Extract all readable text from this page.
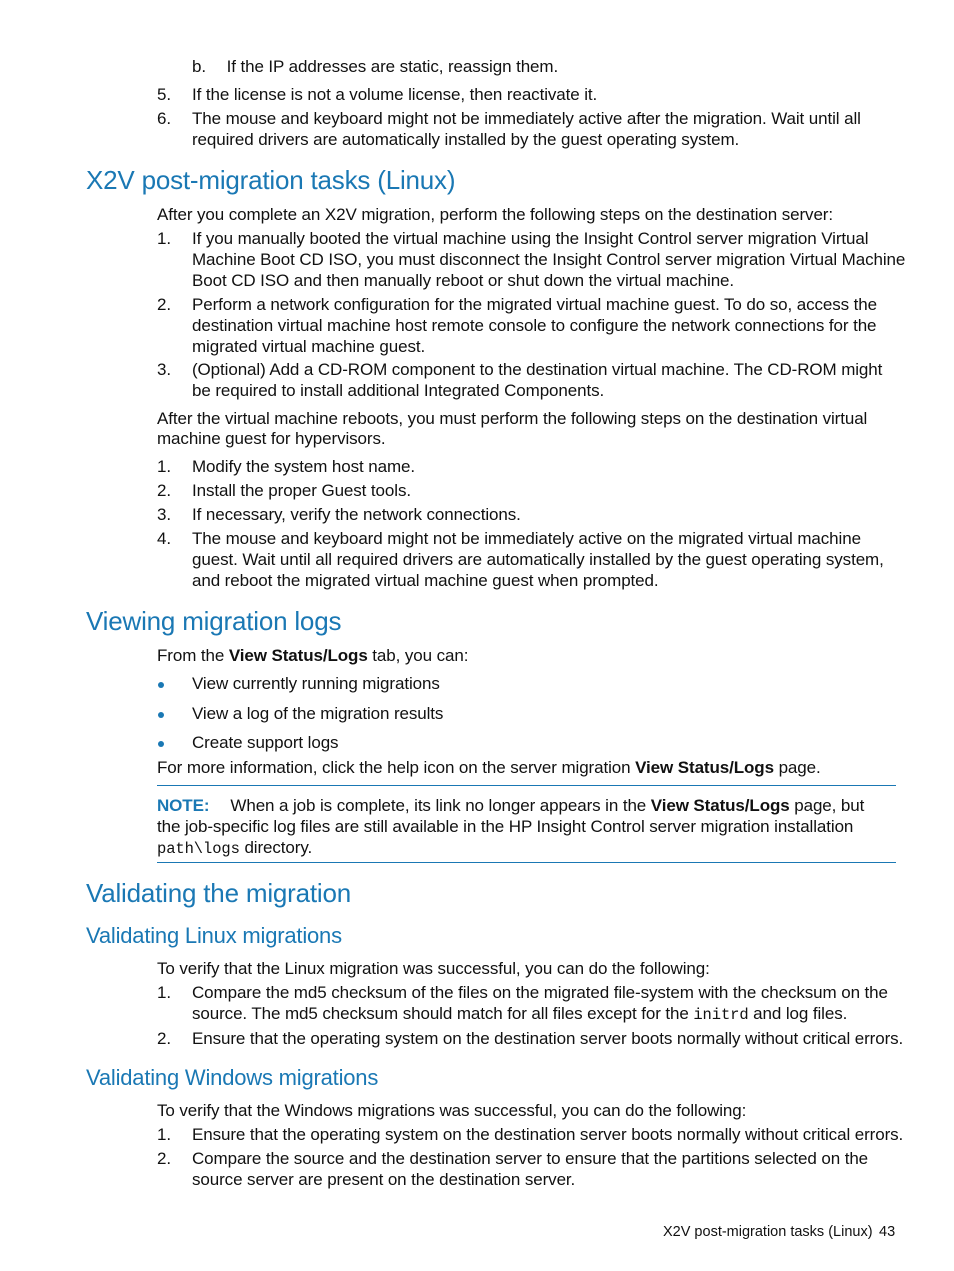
b. If the IP addresses are static, reassign them.
5.	If the license is not a volume license, then reactivate it.
6.	The mouse and keyboard might not be immediately active after the migration. Wait until all
required drivers are automatically installed by the guest operating system.
X2V post-migration tasks (Linux)
After you complete an X2V migration, perform the following steps on the destination server:
1.	If you manually booted the virtual machine using the Insight Control server migration Virtual
Machine Boot CD ISO, you must disconnect the Insight Control server migration Virtual Machine
Boot CD ISO and then manually reboot or shut down the virtual machine.
2.	Perform a network configuration for the migrated virtual machine guest. To do so, access the
destination virtual machine host remote console to configure the network connections for the
migrated virtual machine guest.
3.	(Optional) Add a CD-ROM component to the destination virtual machine. The CD-ROM might
be required to install additional Integrated Components.
After the virtual machine reboots, you must perform the following steps on the destination virtual
machine guest for hypervisors.
1.	Modify the system host name.
2.	Install the proper Guest tools.
3.	If necessary, verify the network connections.
4.	The mouse and keyboard might not be immediately active on the migrated virtual machine
guest. Wait until all required drivers are automatically installed by the guest operating system,
and reboot the migrated virtual machine guest when prompted.
Viewing migration logs
From the View Status/Logs tab, you can:
View currently running migrations
View a log of the migration results
Create support logs
For more information, click the help icon on the server migration View Status/Logs page.
NOTE: When a job is complete, its link no longer appears in the View Status/Logs page, but
the job-specific log files are still available in the HP Insight Control server migration installation
path\logs directory.
Validating the migration
Validating Linux migrations
To verify that the Linux migration was successful, you can do the following:
1.	Compare the md5 checksum of the files on the migrated file-system with the checksum on the
source. The md5 checksum should match for all files except for the initrd and log files.
2.	Ensure that the operating system on the destination server boots normally without critical errors.
Validating Windows migrations
To verify that the Windows migrations was successful, you can do the following:
1.	Ensure that the operating system on the destination server boots normally without critical errors.
2.	Compare the source and the destination server to ensure that the partitions selected on the
source server are present on the destination server.
X2V post-migration tasks (Linux) 43
